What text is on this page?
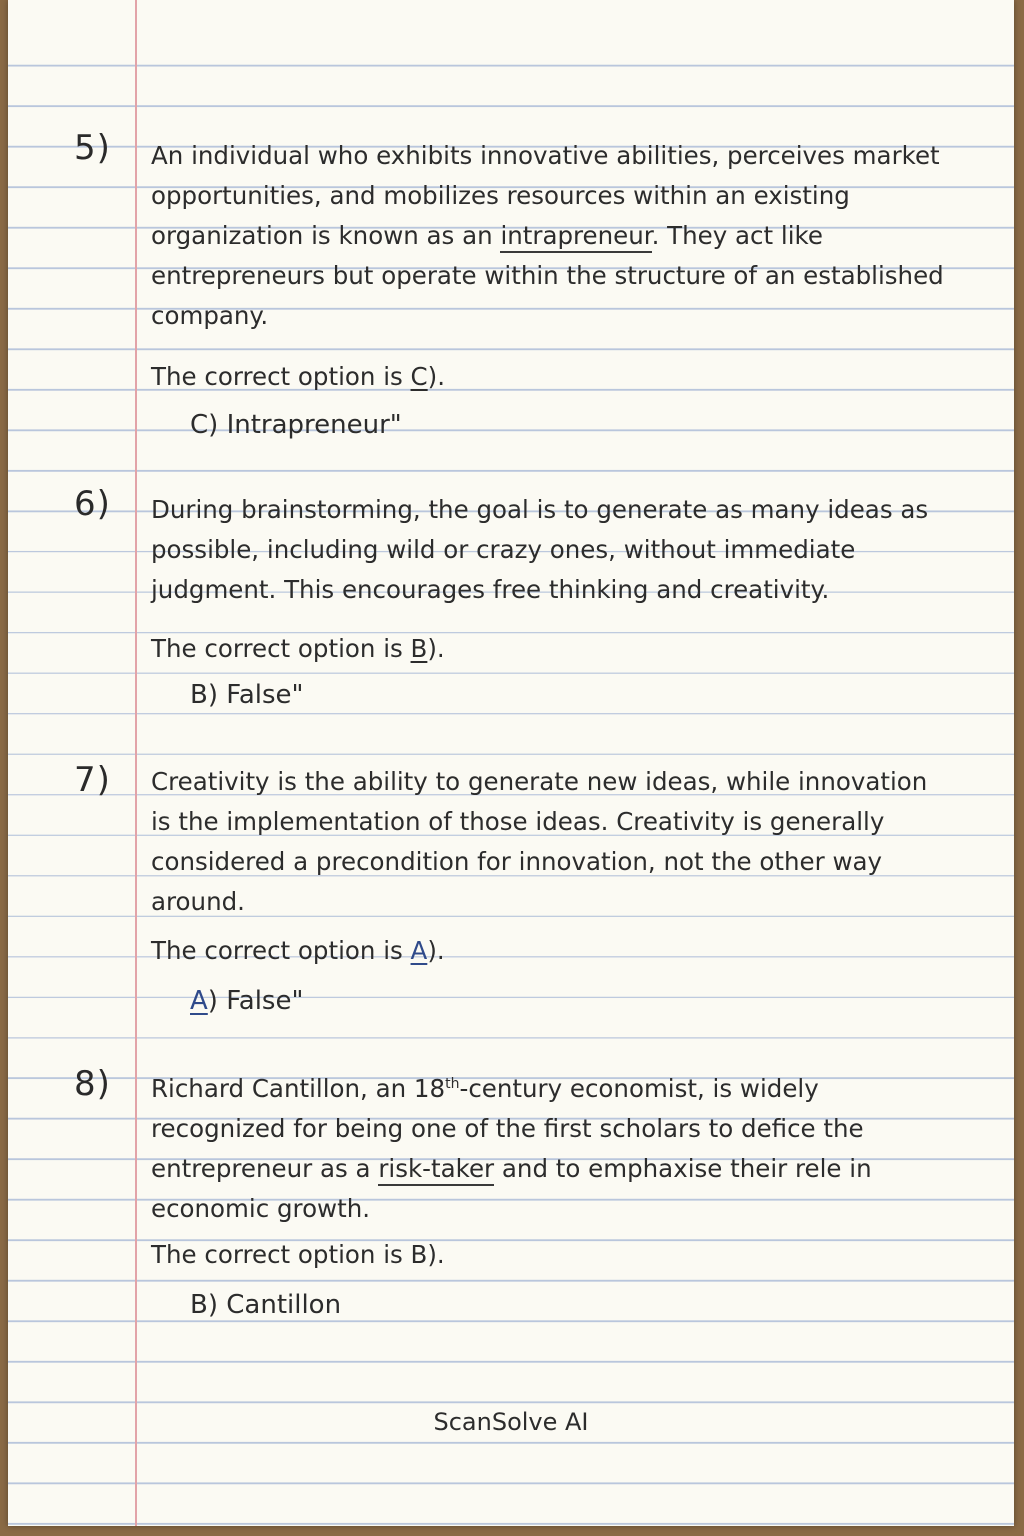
5) An individual who exhibits innovative abilities, perceives market opportunities, and mobilizes resources within an existing organization is known as an intrapreneur. They act like entrepreneurs but operate within the structure of an established company.

The correct option is C).
C) Intrapreneur"
6) During brainstorming, the goal is to generate as many ideas as possible, including wild or crazy ones, without immediate judgment. This encourages free thinking and creativity.

The correct option is B).
B) False"
7) Creativity is the ability to generate new ideas, while innovation is the implementation of those ideas. Creativity is generally considered a precondition for innovation, not the other way around.

The correct option is A).
A) False"
8) Richard Cantillon, an 18th-century economist, is widely recognized for being one of the first scholars to defice the entrepreneur as a risk-taker and to emphaxise their rele in economic growth.

The correct option is B).
B) Cantillon
ScanSolve AI
